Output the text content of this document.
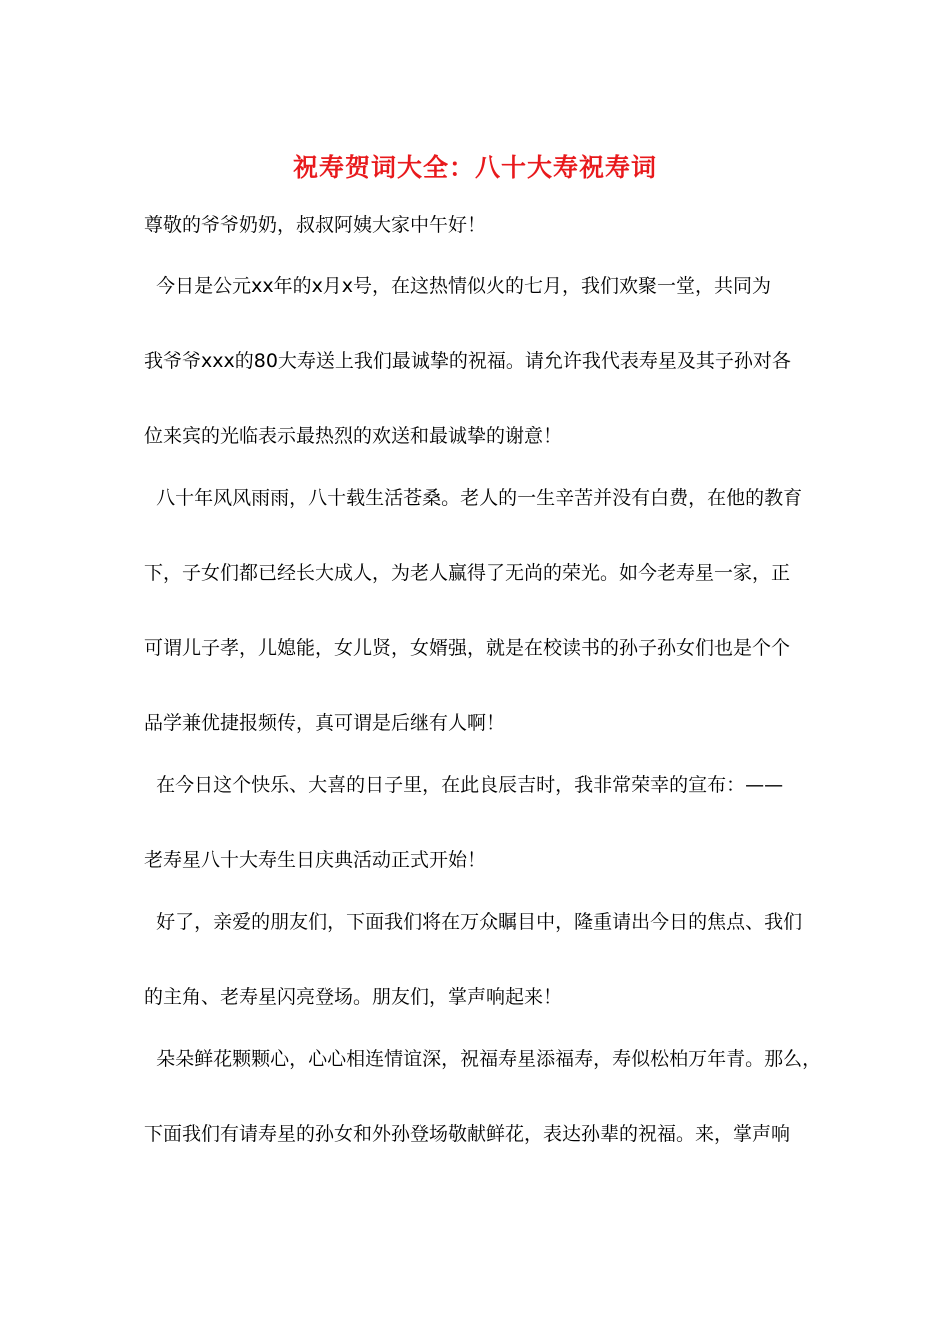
祝寿贺词大全：八十大寿祝寿词

尊敬的爷爷奶奶，叔叔阿姨大家中午好！

今日是公元xx年的x月x号，在这热情似火的七月，我们欢聚一堂，共同为

我爷爷xxx的80大寿送上我们最诚挚的祝福。请允许我代表寿星及其子孙对各

位来宾的光临表示最热烈的欢送和最诚挚的谢意！

八十年风风雨雨，八十载生活苍桑。老人的一生辛苦并没有白费，在他的教育

下，子女们都已经长大成人，为老人赢得了无尚的荣光。如今老寿星一家，正

可谓儿子孝，儿媳能，女儿贤，女婿强，就是在校读书的孙子孙女们也是个个

品学兼优捷报频传，真可谓是后继有人啊！

在今日这个快乐、大喜的日子里，在此良辰吉时，我非常荣幸的宣布：——

老寿星八十大寿生日庆典活动正式开始！

好了，亲爱的朋友们，下面我们将在万众瞩目中，隆重请出今日的焦点、我们

的主角、老寿星闪亮登场。朋友们，掌声响起来！

朵朵鲜花颗颗心，心心相连情谊深，祝福寿星添福寿，寿似松柏万年青。那么，

下面我们有请寿星的孙女和外孙登场敬献鲜花，表达孙辈的祝福。来，掌声响
